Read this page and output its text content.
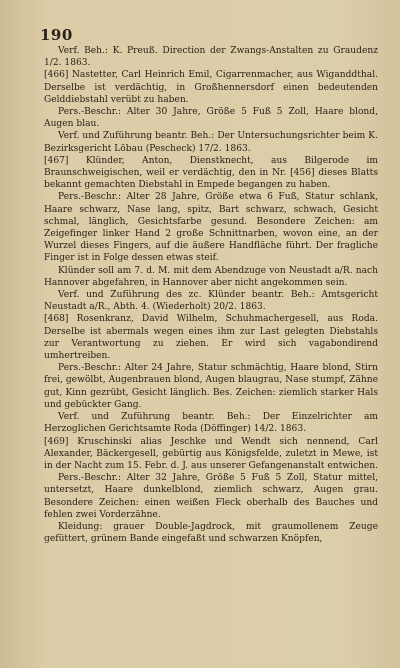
190

Verf. Beh.: K. Preuß. Direction der Zwangs-Anstalten zu Graudenz 1/2. 1863.

[466] Nastetter, Carl Heinrich Emil, Cigarrenmacher, aus Wiganddthal. Derselbe ist verdächtig, in Großhennersdorf einen bedeutenden Gelddiebstahl verübt zu haben.

Pers.-Beschr.: Alter 30 Jahre, Größe 5 Fuß 5 Zoll, Haare blond, Augen blau.

Verf. und Zuführung beantr. Beh.: Der Untersuchungsrichter beim K. Bezirksgericht Löbau (Pescheck) 17/2. 1863.

[467] Klünder, Anton, Dienstknecht, aus Bilgerode im Braunschweigischen, weil er verdächtig, den in Nr. [456] dieses Blatts bekannt gemachten Diebstahl in Empede begangen zu haben.

Pers.-Beschr.: Alter 28 Jahre, Größe etwa 6 Fuß, Statur schlank, Haare schwarz, Nase lang, spitz, Bart schwarz, schwach, Gesicht schmal, länglich, Gesichtsfarbe gesund. Besondere Zeichen: am Zeigefinger linker Hand 2 große Schnittnarben, wovon eine, an der Wurzel dieses Fingers, auf die äußere Handfläche führt. Der fragliche Finger ist in Folge dessen etwas steif.

Klünder soll am 7. d. M. mit dem Abendzuge von Neustadt a/R. nach Hannover abgefahren, in Hannover aber nicht angekommen sein.

Verf. und Zuführung des zc. Klünder beantr. Beh.: Amtsgericht Neustadt a/R., Abth. 4. (Wiederholt) 20/2. 1863.

[468] Rosenkranz, David Wilhelm, Schuhmachergesell, aus Roda. Derselbe ist abermals wegen eines ihm zur Last gelegten Diebstahls zur Verantwortung zu ziehen. Er wird sich vagabondirend umhertreiben.

Pers.-Beschr.: Alter 24 Jahre, Statur schmächtig, Haare blond, Stirn frei, gewölbt, Augenbrauen blond, Augen blaugrau, Nase stumpf, Zähne gut, Kinn gezrübt, Gesicht länglich. Bes. Zeichen: ziemlich starker Hals und gebückter Gang.

Verf. und Zuführung beantr. Beh.: Der Einzelrichter am Herzoglichen Gerichtsamte Roda (Döffinger) 14/2. 1863.

[469] Kruschinski alias Jeschke und Wendt sich nennend, Carl Alexander, Bäckergesell, gebürtig aus Königsfelde, zuletzt in Mewe, ist in der Nacht zum 15. Febr. d. J. aus unserer Gefangenanstalt entwichen.

Pers.-Beschr.: Alter 32 Jahre, Größe 5 Fuß 5 Zoll, Statur mittel, untersetzt, Haare dunkelblond, ziemlich schwarz, Augen grau. Besondere Zeichen: einen weißen Fleck oberhalb des Bauches und fehlen zwei Vorderzähne.

Kleidung: grauer Double-Jagdrock, mit graumollenem Zeuge gefüttert, grünem Bande eingefaßt und schwarzen Knöpfen,
